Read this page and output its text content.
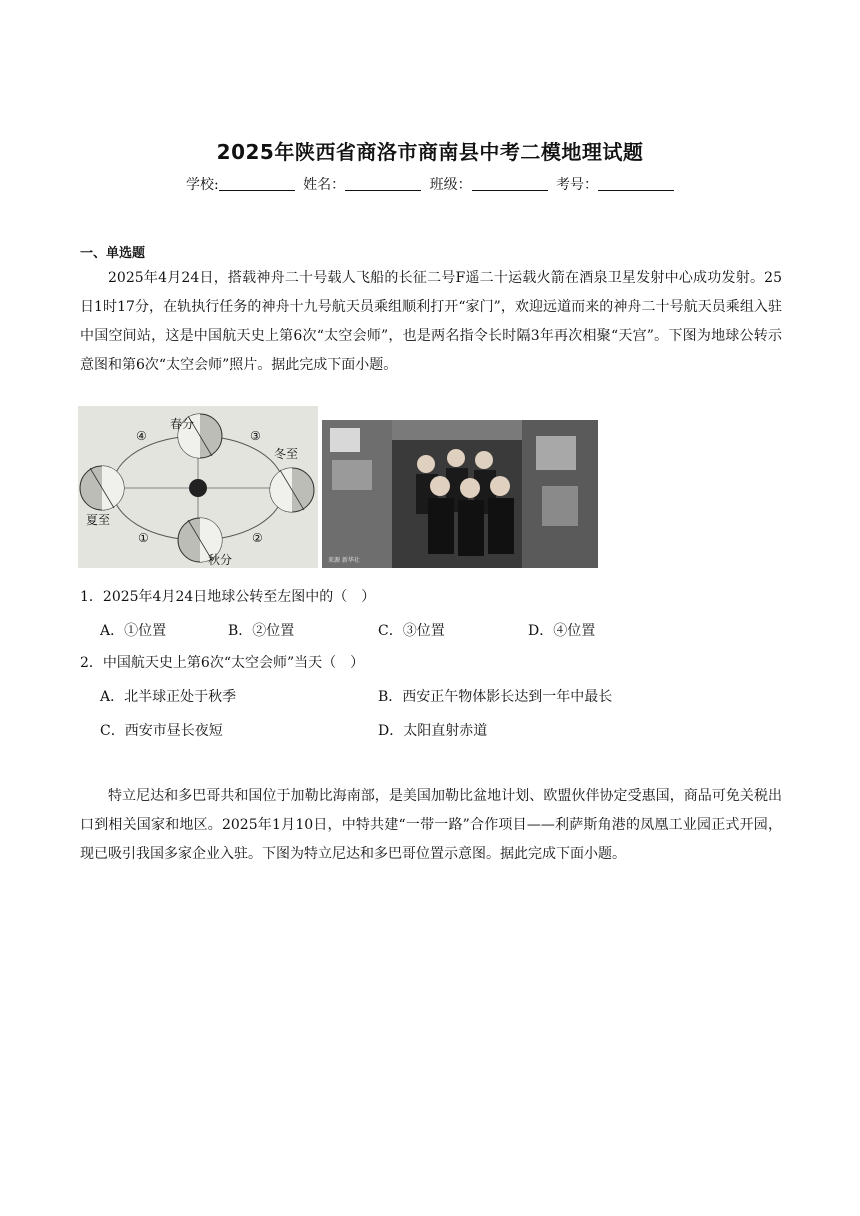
2025年陕西省商洛市商南县中考二模地理试题
学校:	姓名：	班级：	考号：
一、单选题
2025年4月24日，搭载神舟二十号载人飞船的长征二号F遥二十运载火箭在酒泉卫星发射中心成功发射。25日1时17分，在轨执行任务的神舟十九号航天员乘组顺利打开“家门”，欢迎远道而来的神舟二十号航天员乘组入驻中国空间站，这是中国航天史上第6次“太空会师”，也是两名指令长时隔3年再次相聚“天宫”。下图为地球公转示意图和第6次“太空会师”照片。据此完成下面小题。
春分
冬至
夏至
秋分
②
③
④
①
来源 新华社
1．2025年4月24日地球公转至左图中的（　）
A．①位置	B．②位置	C．③位置	D．④位置
2．中国航天史上第6次“太空会师”当天（　）
A．北半球正处于秋季	B．西安正午物体影长达到一年中最长
C．西安市昼长夜短	D．太阳直射赤道
特立尼达和多巴哥共和国位于加勒比海南部，是美国加勒比盆地计划、欧盟伙伴协定受惠国，商品可免关税出口到相关国家和地区。2025年1月10日，中特共建“一带一路”合作项目——利萨斯角港的凤凰工业园正式开园，现已吸引我国多家企业入驻。下图为特立尼达和多巴哥位置示意图。据此完成下面小题。
